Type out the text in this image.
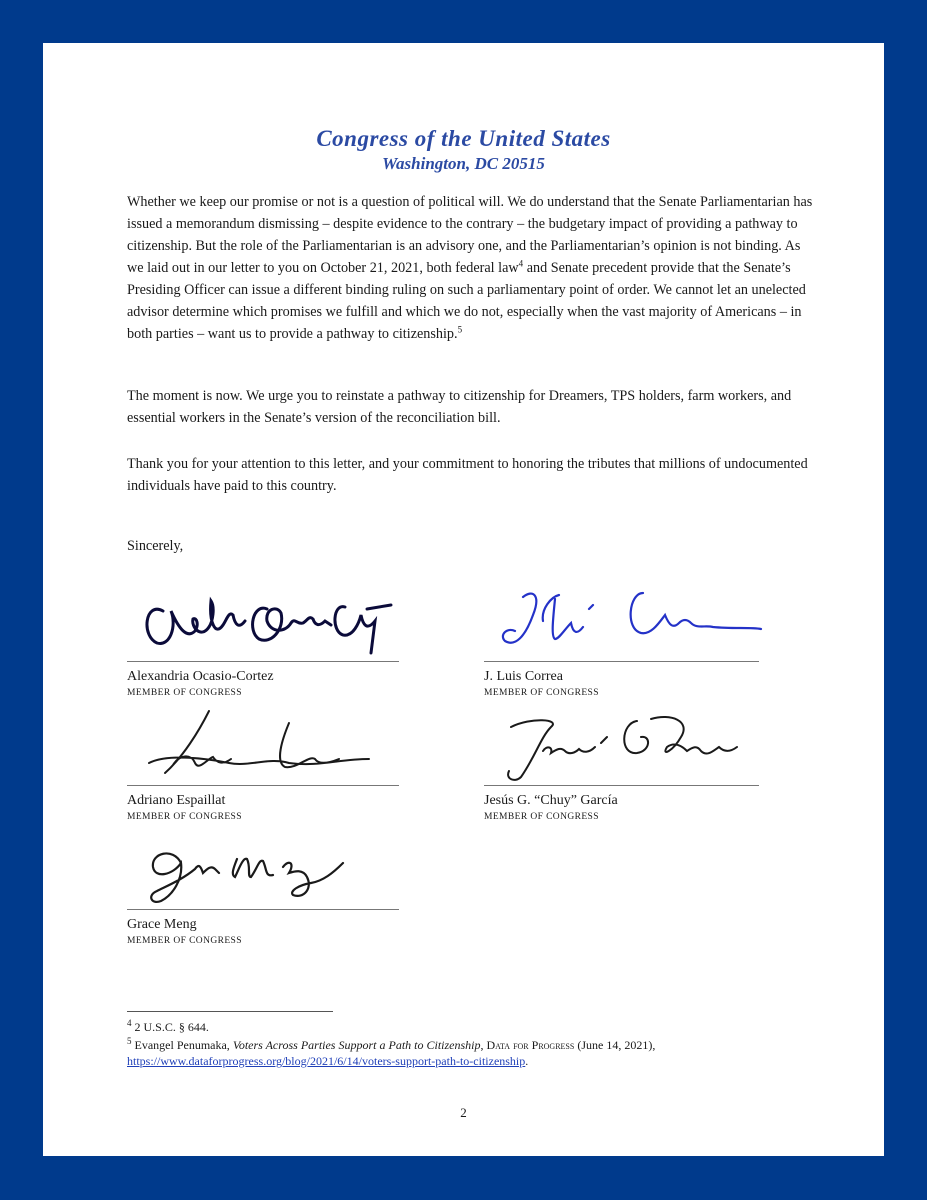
Congress of the United States
Washington, DC 20515

Whether we keep our promise or not is a question of political will. We do understand that the Senate Parliamentarian has issued a memorandum dismissing – despite evidence to the contrary – the budgetary impact of providing a pathway to citizenship. But the role of the Parliamentarian is an advisory one, and the Parliamentarian’s opinion is not binding. As we laid out in our letter to you on October 21, 2021, both federal law$^4$ and Senate precedent provide that the Senate’s Presiding Officer can issue a different binding ruling on such a parliamentary point of order. We cannot let an unelected advisor determine which promises we fulfill and which we do not, especially when the vast majority of Americans – in both parties – want us to provide a pathway to citizenship.$^5$

The moment is now. We urge you to reinstate a pathway to citizenship for Dreamers, TPS holders, farm workers, and essential workers in the Senate’s version of the reconciliation bill.

Thank you for your attention to this letter, and your commitment to honoring the tributes that millions of undocumented individuals have paid to this country.

Sincerely,

Alexandria Ocasio-Cortez
MEMBER OF CONGRESS
J. Luis Correa
MEMBER OF CONGRESS
Adriano Espaillat
MEMBER OF CONGRESS
Jesús G. “Chuy” García
MEMBER OF CONGRESS
Grace Meng
MEMBER OF CONGRESS
$^4$ 2 U.S.C. § 644.
$^5$ Evangel Penumaka, Voters Across Parties Support a Path to Citizenship, Data for Progress (June 14, 2021),
https://www.dataforprogress.org/blog/2021/6/14/voters-support-path-to-citizenship.
2
